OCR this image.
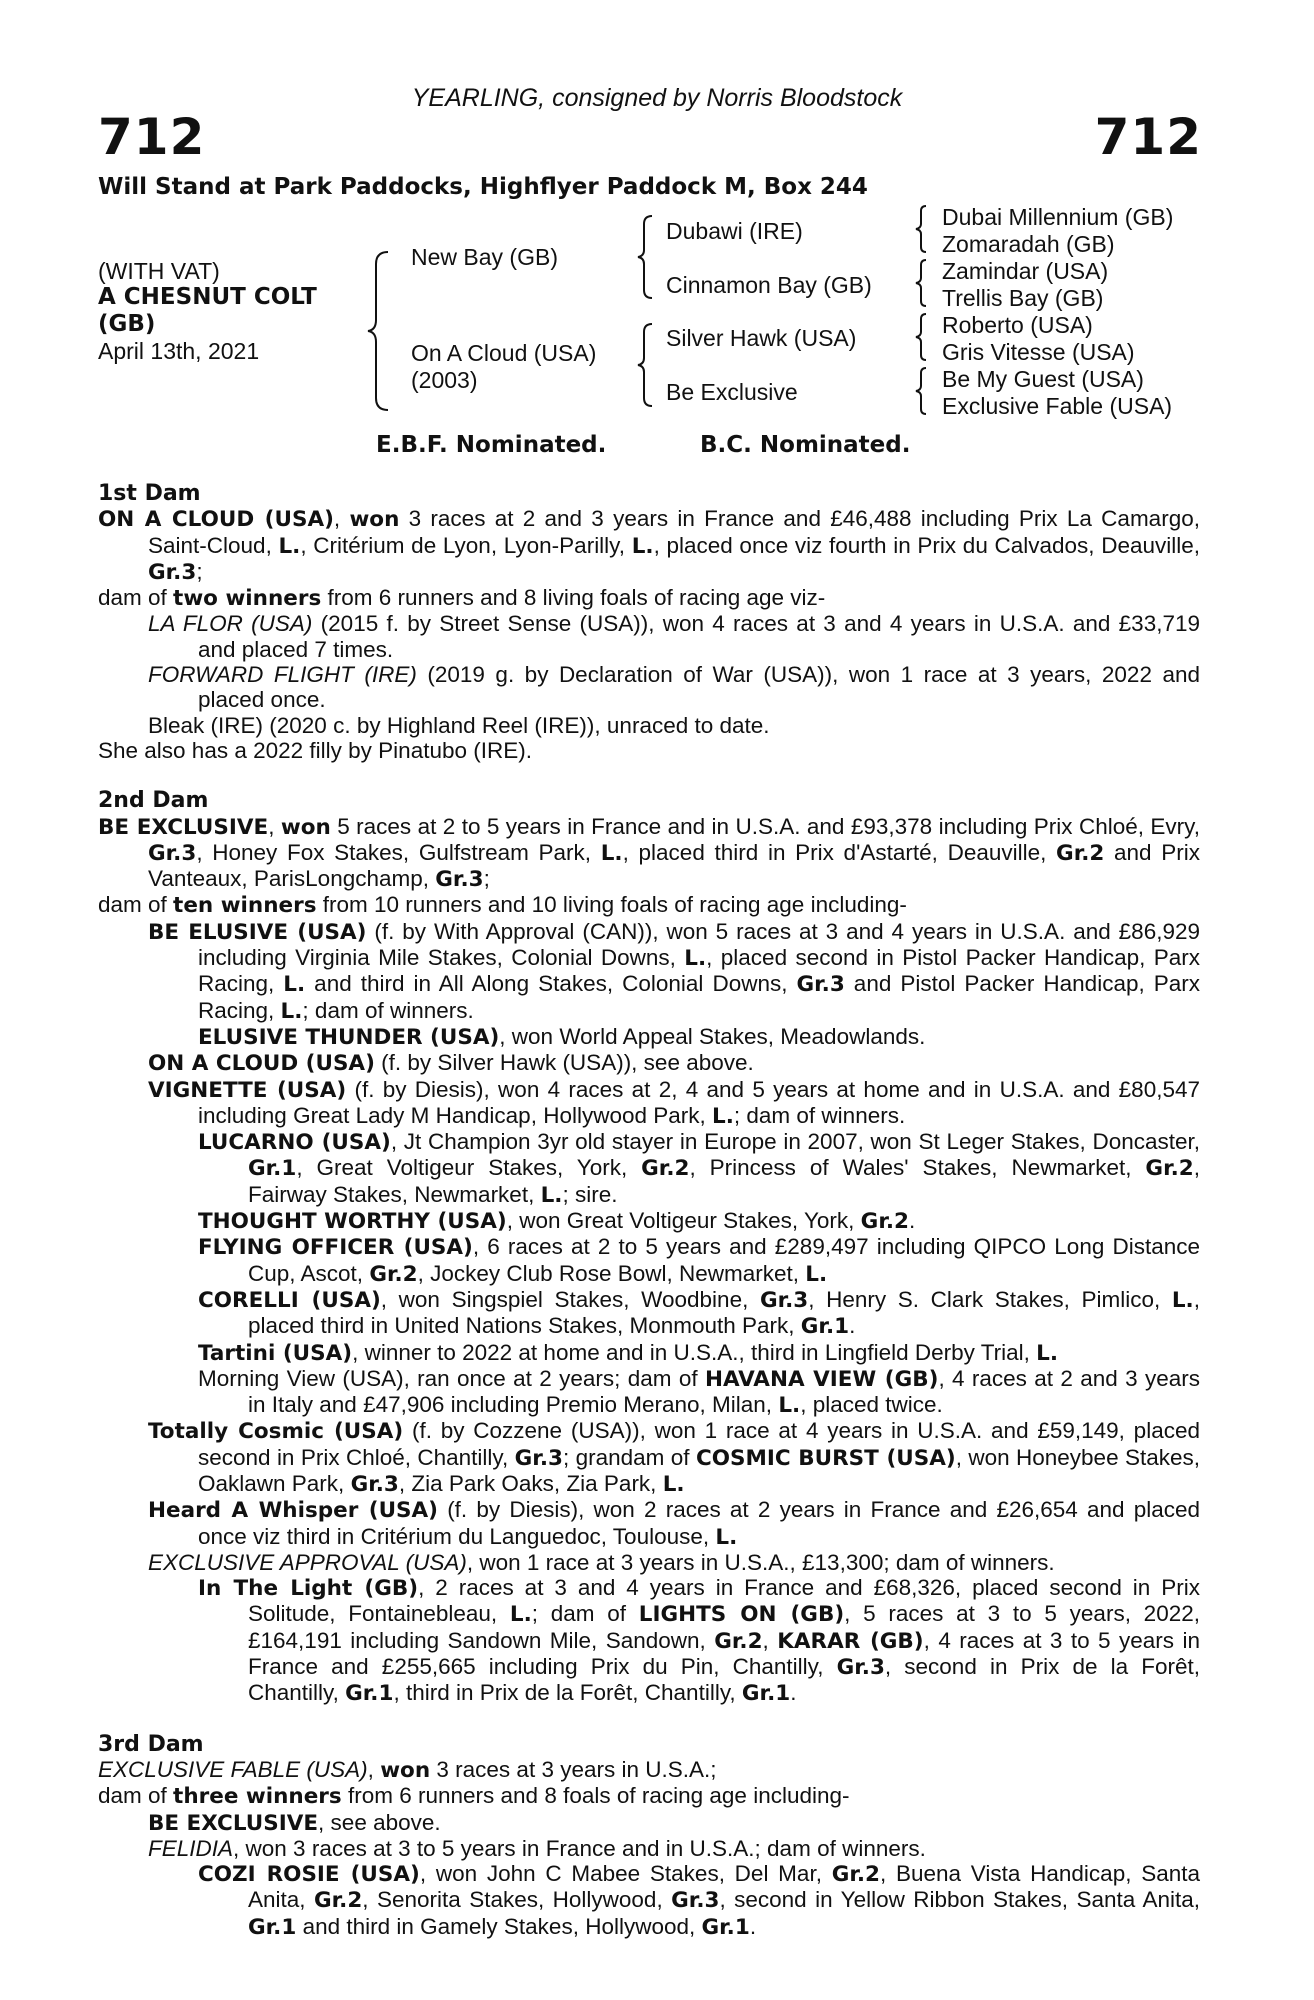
YEARLING, consigned by Norris Bloodstock
712	712
Will Stand at Park Paddocks, Highflyer Paddock M, Box 244
(WITH VAT)
A CHESNUT COLT
(GB)
April 13th, 2021
New Bay (GB)
On A Cloud (USA)
(2003)
Dubawi (IRE)
Cinnamon Bay (GB)
Silver Hawk (USA)
Be Exclusive
Dubai Millennium (GB)
Zomaradah (GB)
Zamindar (USA)
Trellis Bay (GB)
Roberto (USA)
Gris Vitesse (USA)
Be My Guest (USA)
Exclusive Fable (USA)
E.B.F. Nominated.	B.C. Nominated.

1st Dam

ON A CLOUD (USA), won 3 races at 2 and 3 years in France and £46,488 including Prix La Camargo, Saint-Cloud, L., Critérium de Lyon, Lyon-Parilly, L., placed once viz fourth in Prix du Calvados, Deauville, Gr.3;

dam of two winners from 6 runners and 8 living foals of racing age viz-

LA FLOR (USA) (2015 f. by Street Sense (USA)), won 4 races at 3 and 4 years in U.S.A. and £33,719 and placed 7 times.

FORWARD FLIGHT (IRE) (2019 g. by Declaration of War (USA)), won 1 race at 3 years, 2022 and placed once.

Bleak (IRE) (2020 c. by Highland Reel (IRE)), unraced to date.

She also has a 2022 filly by Pinatubo (IRE).

2nd Dam

BE EXCLUSIVE, won 5 races at 2 to 5 years in France and in U.S.A. and £93,378 including Prix Chloé, Evry, Gr.3, Honey Fox Stakes, Gulfstream Park, L., placed third in Prix d'Astarté, Deauville, Gr.2 and Prix Vanteaux, ParisLongchamp, Gr.3;

dam of ten winners from 10 runners and 10 living foals of racing age including-

BE ELUSIVE (USA) (f. by With Approval (CAN)), won 5 races at 3 and 4 years in U.S.A. and £86,929 including Virginia Mile Stakes, Colonial Downs, L., placed second in Pistol Packer Handicap, Parx Racing, L. and third in All Along Stakes, Colonial Downs, Gr.3 and Pistol Packer Handicap, Parx Racing, L.; dam of winners.

ELUSIVE THUNDER (USA), won World Appeal Stakes, Meadowlands.

ON A CLOUD (USA) (f. by Silver Hawk (USA)), see above.

VIGNETTE (USA) (f. by Diesis), won 4 races at 2, 4 and 5 years at home and in U.S.A. and £80,547 including Great Lady M Handicap, Hollywood Park, L.; dam of winners.

LUCARNO (USA), Jt Champion 3yr old stayer in Europe in 2007, won St Leger Stakes, Doncaster, Gr.1, Great Voltigeur Stakes, York, Gr.2, Princess of Wales' Stakes, Newmarket, Gr.2, Fairway Stakes, Newmarket, L.; sire.

THOUGHT WORTHY (USA), won Great Voltigeur Stakes, York, Gr.2.

FLYING OFFICER (USA), 6 races at 2 to 5 years and £289,497 including QIPCO Long Distance Cup, Ascot, Gr.2, Jockey Club Rose Bowl, Newmarket, L.

CORELLI (USA), won Singspiel Stakes, Woodbine, Gr.3, Henry S. Clark Stakes, Pimlico, L., placed third in United Nations Stakes, Monmouth Park, Gr.1.

Tartini (USA), winner to 2022 at home and in U.S.A., third in Lingfield Derby Trial, L.

Morning View (USA), ran once at 2 years; dam of HAVANA VIEW (GB), 4 races at 2 and 3 years in Italy and £47,906 including Premio Merano, Milan, L., placed twice.

Totally Cosmic (USA) (f. by Cozzene (USA)), won 1 race at 4 years in U.S.A. and £59,149, placed second in Prix Chloé, Chantilly, Gr.3; grandam of COSMIC BURST (USA), won Honeybee Stakes, Oaklawn Park, Gr.3, Zia Park Oaks, Zia Park, L.

Heard A Whisper (USA) (f. by Diesis), won 2 races at 2 years in France and £26,654 and placed once viz third in Critérium du Languedoc, Toulouse, L.

EXCLUSIVE APPROVAL (USA), won 1 race at 3 years in U.S.A., £13,300; dam of winners.

In The Light (GB), 2 races at 3 and 4 years in France and £68,326, placed second in Prix Solitude, Fontainebleau, L.; dam of LIGHTS ON (GB), 5 races at 3 to 5 years, 2022, £164,191 including Sandown Mile, Sandown, Gr.2, KARAR (GB), 4 races at 3 to 5 years in France and £255,665 including Prix du Pin, Chantilly, Gr.3, second in Prix de la Forêt, Chantilly, Gr.1, third in Prix de la Forêt, Chantilly, Gr.1.

3rd Dam

EXCLUSIVE FABLE (USA), won 3 races at 3 years in U.S.A.;

dam of three winners from 6 runners and 8 foals of racing age including-

BE EXCLUSIVE, see above.

FELIDIA, won 3 races at 3 to 5 years in France and in U.S.A.; dam of winners.

COZI ROSIE (USA), won John C Mabee Stakes, Del Mar, Gr.2, Buena Vista Handicap, Santa Anita, Gr.2, Senorita Stakes, Hollywood, Gr.3, second in Yellow Ribbon Stakes, Santa Anita, Gr.1 and third in Gamely Stakes, Hollywood, Gr.1.
